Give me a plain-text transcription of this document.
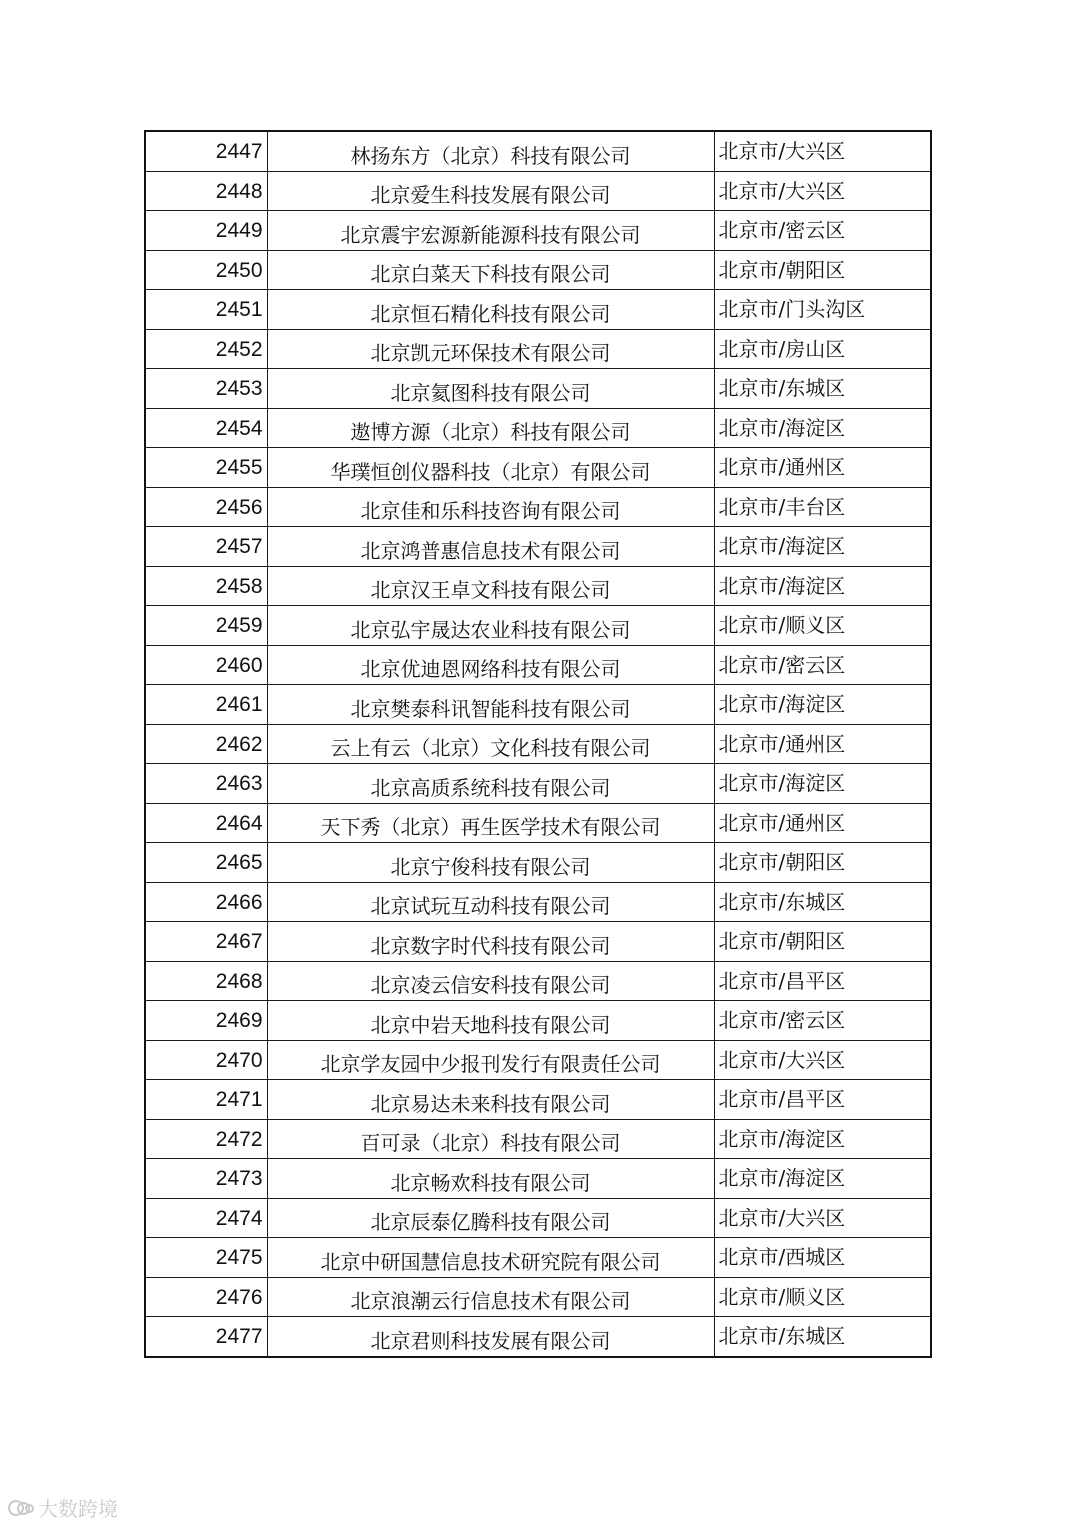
2447	林扬东方（北京）科技有限公司	北京市/大兴区
2448	北京爱生科技发展有限公司	北京市/大兴区
2449	北京震宇宏源新能源科技有限公司	北京市/密云区
2450	北京白菜天下科技有限公司	北京市/朝阳区
2451	北京恒石精化科技有限公司	北京市/门头沟区
2452	北京凯元环保技术有限公司	北京市/房山区
2453	北京氦图科技有限公司	北京市/东城区
2454	遨博方源（北京）科技有限公司	北京市/海淀区
2455	华璞恒创仪器科技（北京）有限公司	北京市/通州区
2456	北京佳和乐科技咨询有限公司	北京市/丰台区
2457	北京鸿普惠信息技术有限公司	北京市/海淀区
2458	北京汉王卓文科技有限公司	北京市/海淀区
2459	北京弘宇晟达农业科技有限公司	北京市/顺义区
2460	北京优迪恩网络科技有限公司	北京市/密云区
2461	北京樊泰科讯智能科技有限公司	北京市/海淀区
2462	云上有云（北京）文化科技有限公司	北京市/通州区
2463	北京高质系统科技有限公司	北京市/海淀区
2464	天下秀（北京）再生医学技术有限公司	北京市/通州区
2465	北京宁俊科技有限公司	北京市/朝阳区
2466	北京试玩互动科技有限公司	北京市/东城区
2467	北京数字时代科技有限公司	北京市/朝阳区
2468	北京凌云信安科技有限公司	北京市/昌平区
2469	北京中岩天地科技有限公司	北京市/密云区
2470	北京学友园中少报刊发行有限责任公司	北京市/大兴区
2471	北京易达未来科技有限公司	北京市/昌平区
2472	百可录（北京）科技有限公司	北京市/海淀区
2473	北京畅欢科技有限公司	北京市/海淀区
2474	北京辰泰亿腾科技有限公司	北京市/大兴区
2475	北京中研国慧信息技术研究院有限公司	北京市/西城区
2476	北京浪潮云行信息技术有限公司	北京市/顺义区
2477	北京君则科技发展有限公司	北京市/东城区
大数跨境
